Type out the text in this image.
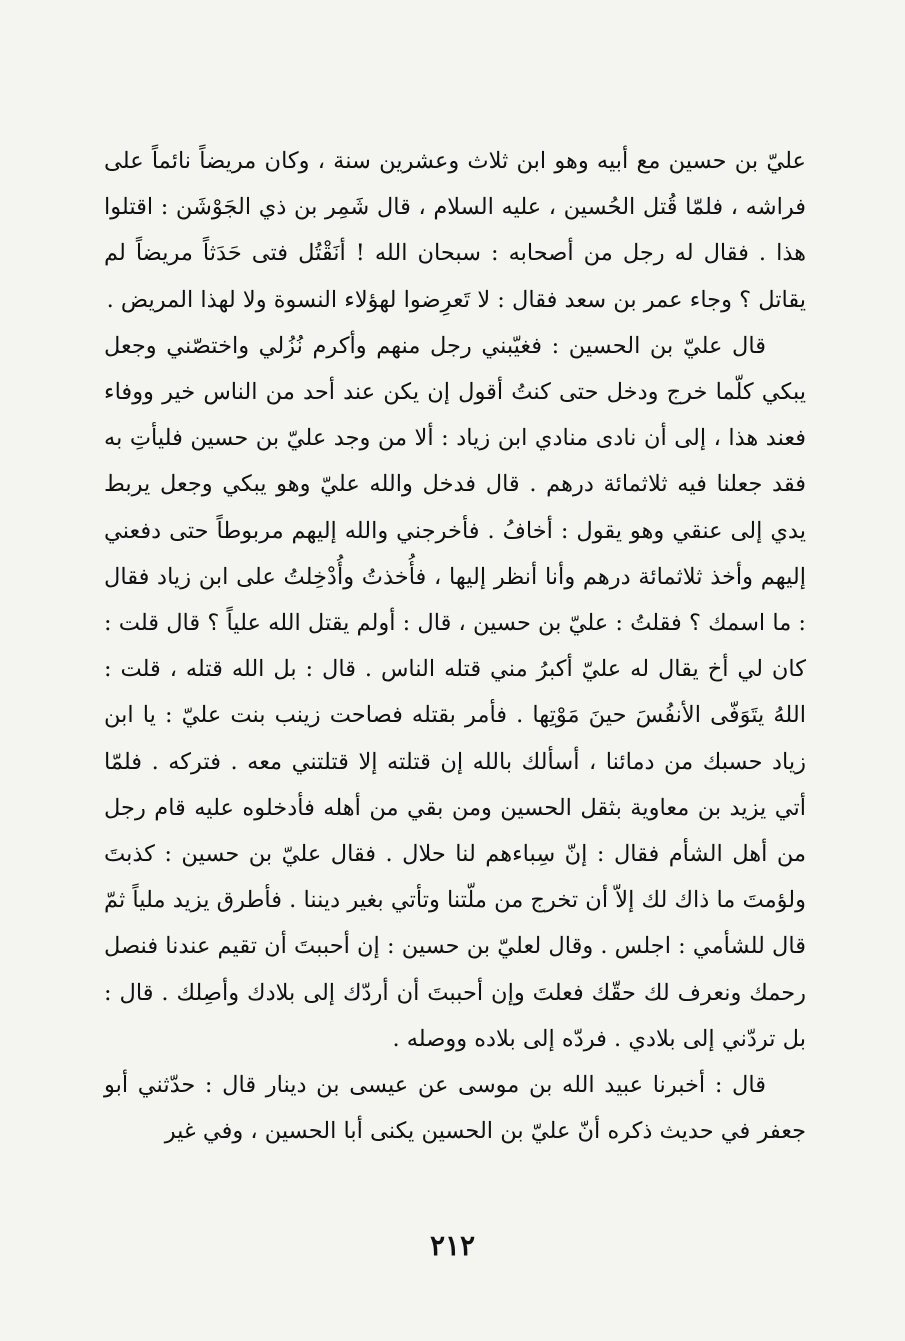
عليّ بن حسين مع أبيه وهو ابن ثلاث وعشرين سنة ، وكان مريضاً نائماً على فراشه ، فلمّا قُتل الحُسين ، عليه السلام ، قال شَمِر بن ذي الجَوْشَن : اقتلوا هذا . فقال له رجل من أصحابه : سبحان الله ! أنَقْتُل فتى حَدَثاً مريضاً لم يقاتل ؟ وجاء عمر بن سعد فقال : لا تَعرِضوا لهؤلاء النسوة ولا لهذا المريض .

قال عليّ بن الحسين : فغيّبني رجل منهم وأكرم نُزُلي واختصّني وجعل يبكي كلّما خرج ودخل حتى كنتُ أقول إن يكن عند أحد من الناس خير ووفاء فعند هذا ، إلى أن نادى منادي ابن زياد : ألا من وجد عليّ بن حسين فليأتِ به فقد جعلنا فيه ثلاثمائة درهم . قال فدخل والله عليّ وهو يبكي وجعل يربط يدي إلى عنقي وهو يقول : أخافُ . فأخرجني والله إليهم مربوطاً حتى دفعني إليهم وأخذ ثلاثمائة درهم وأنا أنظر إليها ، فأُخذتُ وأُدْخِلتُ على ابن زياد فقال : ما اسمك ؟ فقلتُ : عليّ بن حسين ، قال : أولم يقتل الله علياً ؟ قال قلت : كان لي أخ يقال له عليّ أكبرُ مني قتله الناس . قال : بل الله قتله ، قلت : اللهُ يتَوَفّى الأنفُسَ حينَ مَوْتِها . فأمر بقتله فصاحت زينب بنت عليّ : يا ابن زياد حسبك من دمائنا ، أسألك بالله إن قتلته إلا قتلتني معه . فتركه . فلمّا أتي يزيد بن معاوية بثقل الحسين ومن بقي من أهله فأدخلوه عليه قام رجل من أهل الشأم فقال : إنّ سِباءهم لنا حلال . فقال عليّ بن حسين : كذبتَ ولؤمتَ ما ذاك لك إلاّ أن تخرج من ملّتنا وتأتي بغير ديننا . فأطرق يزيد ملياً ثمّ قال للشأمي : اجلس . وقال لعليّ بن حسين : إن أحببتَ أن تقيم عندنا فنصل رحمك ونعرف لك حقّك فعلتَ وإن أحببتَ أن أردّك إلى بلادك وأصِلك . قال : بل تردّني إلى بلادي . فردّه إلى بلاده ووصله .

قال : أخبرنا عبيد الله بن موسى عن عيسى بن دينار قال : حدّثني أبو جعفر في حديث ذكره أنّ عليّ بن الحسين يكنى أبا الحسين ، وفي غير

٢١٢
